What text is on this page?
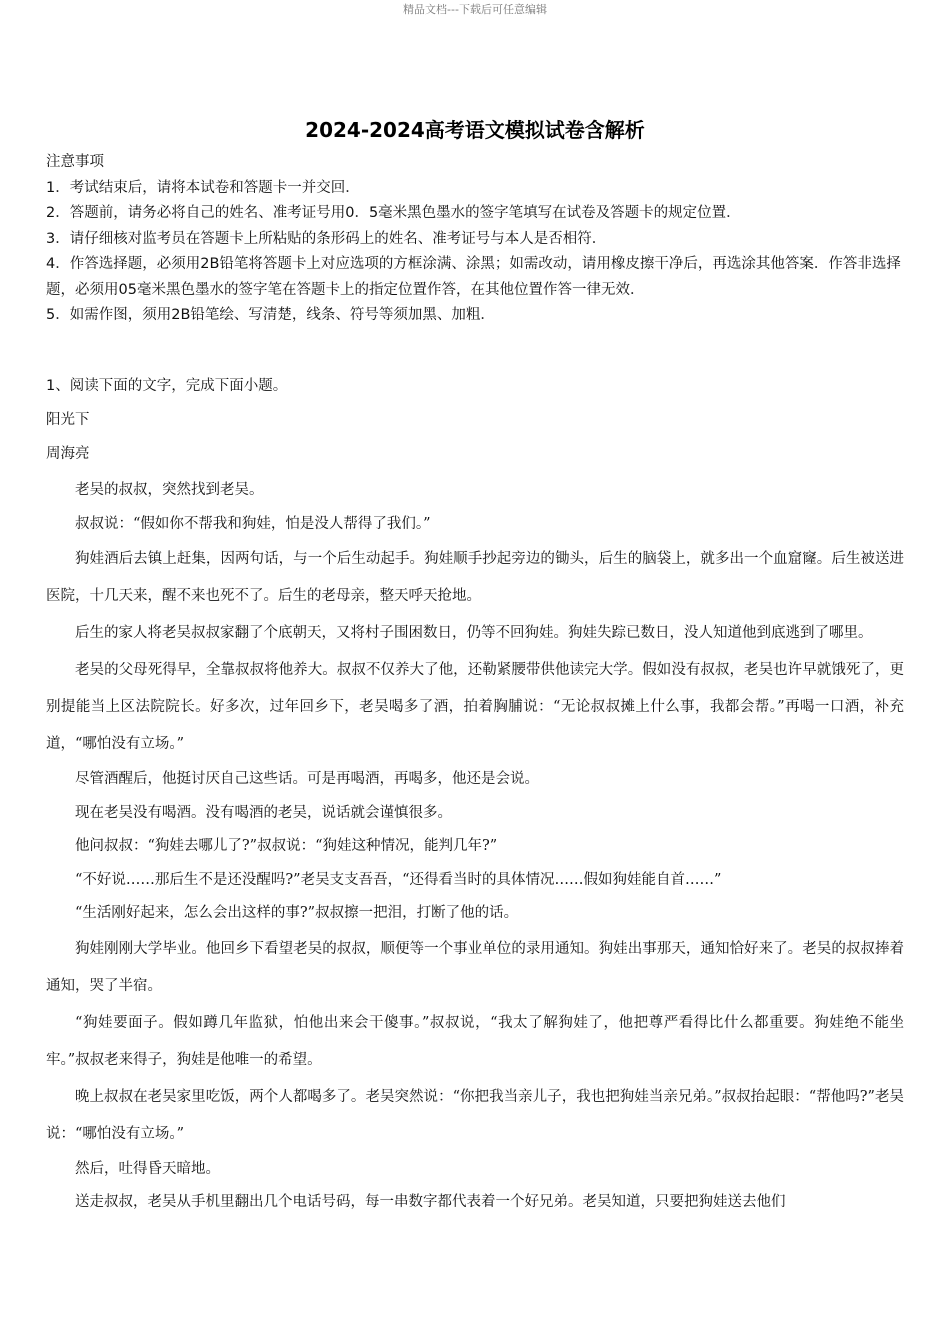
精品文档---下载后可任意编辑
2024-2024高考语文模拟试卷含解析
注意事项
1．考试结束后，请将本试卷和答题卡一并交回．
2．答题前，请务必将自己的姓名、准考证号用0．5毫米黑色墨水的签字笔填写在试卷及答题卡的规定位置．
3．请仔细核对监考员在答题卡上所粘贴的条形码上的姓名、准考证号与本人是否相符．
4．作答选择题，必须用2B铅笔将答题卡上对应选项的方框涂满、涂黑；如需改动，请用橡皮擦干净后，再选涂其他答案．作答非选择题，必须用05毫米黑色墨水的签字笔在答题卡上的指定位置作答，在其他位置作答一律无效．
5．如需作图，须用2B铅笔绘、写清楚，线条、符号等须加黑、加粗．
1、阅读下面的文字，完成下面小题。
阳光下
周海亮

老吴的叔叔，突然找到老吴。

叔叔说：“假如你不帮我和狗娃，怕是没人帮得了我们。”

狗娃酒后去镇上赶集，因两句话，与一个后生动起手。狗娃顺手抄起旁边的锄头，后生的脑袋上，就多出一个血窟窿。后生被送进医院，十几天来，醒不来也死不了。后生的老母亲，整天呼天抢地。

后生的家人将老吴叔叔家翻了个底朝天，又将村子围困数日，仍等不回狗娃。狗娃失踪已数日，没人知道他到底逃到了哪里。

老吴的父母死得早，全靠叔叔将他养大。叔叔不仅养大了他，还勒紧腰带供他读完大学。假如没有叔叔，老吴也许早就饿死了，更别提能当上区法院院长。好多次，过年回乡下，老吴喝多了酒，拍着胸脯说：“无论叔叔摊上什么事，我都会帮。”再喝一口酒，补充道，“哪怕没有立场。”

尽管酒醒后，他挺讨厌自己这些话。可是再喝酒，再喝多，他还是会说。

现在老吴没有喝酒。没有喝酒的老吴，说话就会谨慎很多。

他问叔叔：“狗娃去哪儿了?”叔叔说：“狗娃这种情况，能判几年?”

“不好说……那后生不是还没醒吗?”老吴支支吾吾，“还得看当时的具体情况……假如狗娃能自首……”

“生活刚好起来，怎么会出这样的事?”叔叔擦一把泪，打断了他的话。

狗娃刚刚大学毕业。他回乡下看望老吴的叔叔，顺便等一个事业单位的录用通知。狗娃出事那天，通知恰好来了。老吴的叔叔捧着通知，哭了半宿。

“狗娃要面子。假如蹲几年监狱，怕他出来会干傻事。”叔叔说，“我太了解狗娃了，他把尊严看得比什么都重要。狗娃绝不能坐牢。”叔叔老来得子，狗娃是他唯一的希望。

晚上叔叔在老吴家里吃饭，两个人都喝多了。老吴突然说：“你把我当亲儿子，我也把狗娃当亲兄弟。”叔叔抬起眼：“帮他吗?”老吴说：“哪怕没有立场。”

然后，吐得昏天暗地。

送走叔叔，老吴从手机里翻出几个电话号码，每一串数字都代表着一个好兄弟。老吴知道，只要把狗娃送去他们
